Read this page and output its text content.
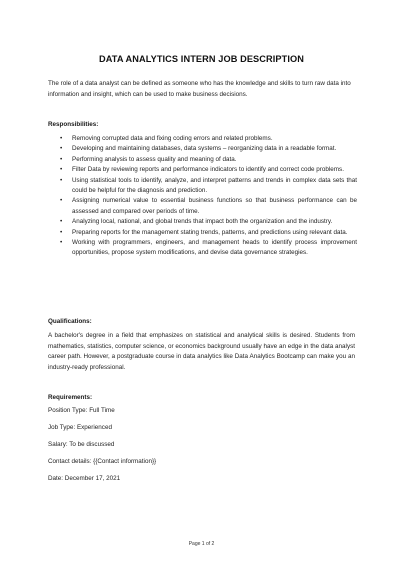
DATA ANALYTICS INTERN JOB DESCRIPTION
The role of a data analyst can be defined as someone who has the knowledge and skills to turn raw data into information and insight, which can be used to make business decisions.
Responsibilities:
• Removing corrupted data and fixing coding errors and related problems.
• Developing and maintaining databases, data systems – reorganizing data in a readable format.
• Performing analysis to assess quality and meaning of data.
• Filter Data by reviewing reports and performance indicators to identify and correct code problems.
• Using statistical tools to identify, analyze, and interpret patterns and trends in complex data sets that could be helpful for the diagnosis and prediction.
• Assigning numerical value to essential business functions so that business performance can be assessed and compared over periods of time.
• Analyzing local, national, and global trends that impact both the organization and the industry.
• Preparing reports for the management stating trends, patterns, and predictions using relevant data.
• Working with programmers, engineers, and management heads to identify process improvement opportunities, propose system modifications, and devise data governance strategies.
Qualifications:
A bachelor's degree in a field that emphasizes on statistical and analytical skills is desired. Students from mathematics, statistics, computer science, or economics background usually have an edge in the data analyst career path. However, a postgraduate course in data analytics like Data Analytics Bootcamp can make you an industry-ready professional.
Requirements:
Position Type: Full Time
Job Type: Experienced
Salary: To be discussed
Contact details: {{Contact information}}
Date: December 17, 2021
Page 1 of 2
